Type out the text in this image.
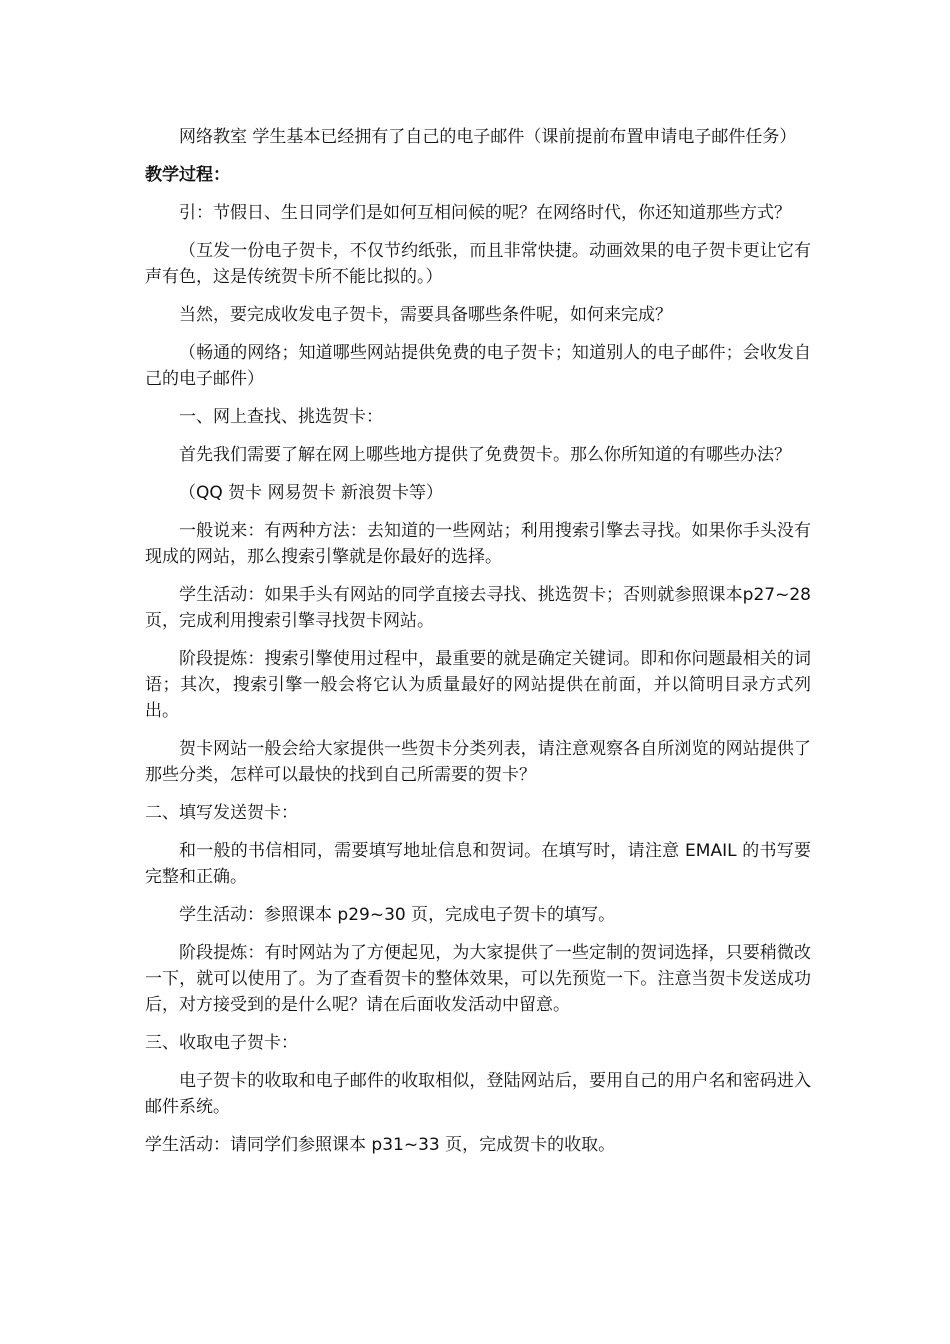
网络教室 学生基本已经拥有了自己的电子邮件（课前提前布置申请电子邮件任务）

教学过程：

引：节假日、生日同学们是如何互相问候的呢？在网络时代，你还知道那些方式？

（互发一份电子贺卡，不仅节约纸张，而且非常快捷。动画效果的电子贺卡更让它有声有色，这是传统贺卡所不能比拟的。）

当然，要完成收发电子贺卡，需要具备哪些条件呢，如何来完成？

（畅通的网络；知道哪些网站提供免费的电子贺卡；知道别人的电子邮件；会收发自己的电子邮件）

一、网上查找、挑选贺卡：

首先我们需要了解在网上哪些地方提供了免费贺卡。那么你所知道的有哪些办法？

（QQ 贺卡 网易贺卡 新浪贺卡等）

一般说来：有两种方法：去知道的一些网站；利用搜索引擎去寻找。如果你手头没有现成的网站，那么搜索引擎就是你最好的选择。

学生活动：如果手头有网站的同学直接去寻找、挑选贺卡；否则就参照课本p27~28 页，完成利用搜索引擎寻找贺卡网站。

阶段提炼：搜索引擎使用过程中，最重要的就是确定关键词。即和你问题最相关的词语；其次，搜索引擎一般会将它认为质量最好的网站提供在前面，并以简明目录方式列出。

贺卡网站一般会给大家提供一些贺卡分类列表，请注意观察各自所浏览的网站提供了那些分类，怎样可以最快的找到自己所需要的贺卡？

二、填写发送贺卡：

和一般的书信相同，需要填写地址信息和贺词。在填写时，请注意 EMAIL 的书写要完整和正确。

学生活动：参照课本 p29~30 页，完成电子贺卡的填写。

阶段提炼：有时网站为了方便起见，为大家提供了一些定制的贺词选择，只要稍微改一下，就可以使用了。为了查看贺卡的整体效果，可以先预览一下。注意当贺卡发送成功后，对方接受到的是什么呢？请在后面收发活动中留意。

三、收取电子贺卡：

电子贺卡的收取和电子邮件的收取相似，登陆网站后，要用自己的用户名和密码进入邮件系统。

学生活动：请同学们参照课本 p31~33 页，完成贺卡的收取。
